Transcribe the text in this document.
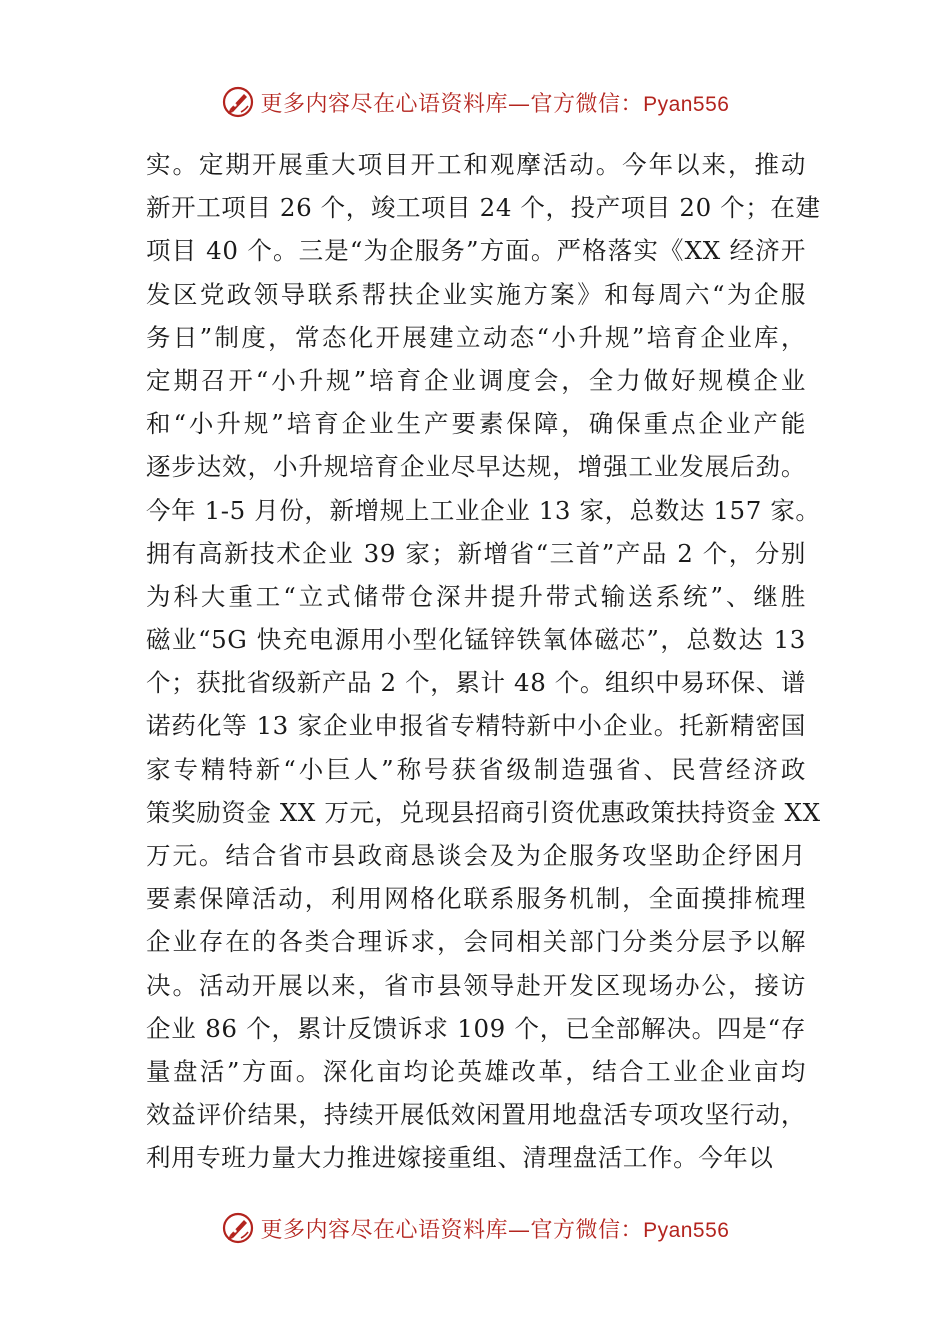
更多内容尽在心语资料库—官方微信：Pyan556
实。定期开展重大项目开工和观摩活动。今年以来，推动
新开工项目 26 个，竣工项目 24 个，投产项目 20 个；在建
项目 40 个。三是“为企服务”方面。严格落实《XX 经济开
发区党政领导联系帮扶企业实施方案》和每周六“为企服
务日”制度，常态化开展建立动态“小升规”培育企业库，
定期召开“小升规”培育企业调度会，全力做好规模企业
和“小升规”培育企业生产要素保障，确保重点企业产能
逐步达效，小升规培育企业尽早达规，增强工业发展后劲。
今年 1-5 月份，新增规上工业企业 13 家，总数达 157 家。
拥有高新技术企业 39 家；新增省“三首”产品 2 个，分别
为科大重工“立式储带仓深井提升带式输送系统”、继胜
磁业“5G 快充电源用小型化锰锌铁氧体磁芯”，总数达 13
个；获批省级新产品 2 个，累计 48 个。组织中易环保、谱
诺药化等 13 家企业申报省专精特新中小企业。托新精密国
家专精特新“小巨人”称号获省级制造强省、民营经济政
策奖励资金 XX 万元，兑现县招商引资优惠政策扶持资金 XX
万元。结合省市县政商恳谈会及为企服务攻坚助企纾困月
要素保障活动，利用网格化联系服务机制，全面摸排梳理
企业存在的各类合理诉求，会同相关部门分类分层予以解
决。活动开展以来，省市县领导赴开发区现场办公，接访
企业 86 个，累计反馈诉求 109 个，已全部解决。四是“存
量盘活”方面。深化亩均论英雄改革，结合工业企业亩均
效益评价结果，持续开展低效闲置用地盘活专项攻坚行动，
利用专班力量大力推进嫁接重组、清理盘活工作。今年以
更多内容尽在心语资料库—官方微信：Pyan556
